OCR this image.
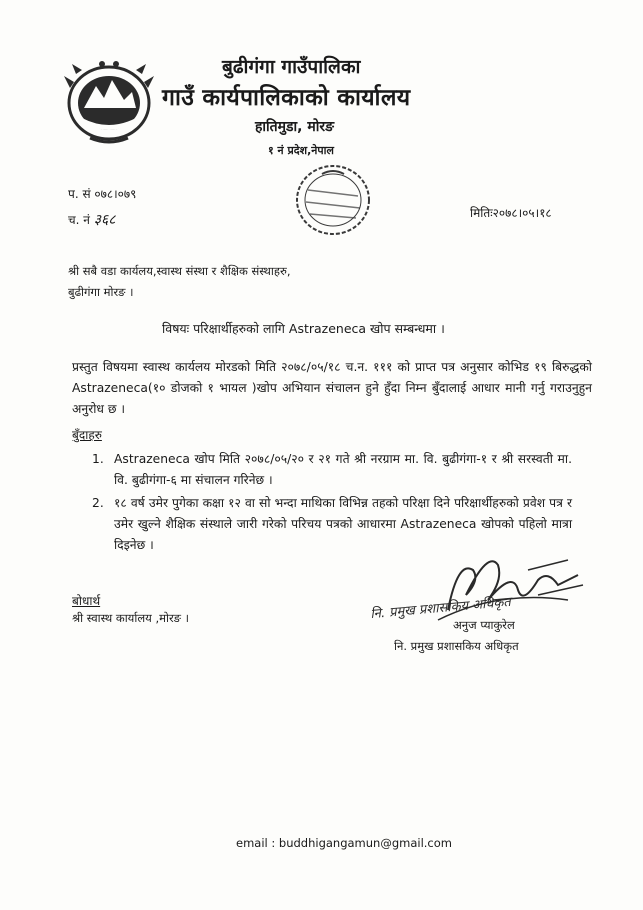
बुढीगंगा गाउँपालिका
गाउँ कार्यपालिकाको कार्यालय
हातिमुडा, मोरङ
१ नं प्रदेश,नेपाल
प. सं ०७८।०७९
च. नं ३६८	मितिः२०७८।०५।१८
श्री सबै वडा कार्यलय,स्वास्थ संस्था र शैक्षिक संस्थाहरु,
बुढीगंगा मोरङ ।
विषयः परिक्षार्थीहरुको लागि Astrazeneca खोप सम्बन्धमा ।
प्रस्तुत विषयमा स्वास्थ कार्यलय मोरडको मिति २०७८/०५/१८ च.न. १११ को प्राप्त पत्र अनुसार कोभिड १९ बिरुद्धको Astrazeneca(१० डोजको १ भायल )खोप अभियान संचालन हुने हुँदा निम्न बुँदालाई आधार मानी गर्नु गराउनुहुन अनुरोध छ ।
बुँदाहरु
1. Astrazeneca खोप मिति २०७८/०५/२० र २१ गते श्री नरग्राम मा. वि. बुढीगंगा-१ र श्री सरस्वती मा. वि. बुढीगंगा-६ मा संचालन गरिनेछ ।
2. १८ वर्ष उमेर पुगेका कक्षा १२ वा सो भन्दा माथिका विभिन्न तहको परिक्षा दिने परिक्षार्थीहरुको प्रवेश पत्र र उमेर खुल्ने शैक्षिक संस्थाले जारी गरेको परिचय पत्रको आधारमा Astrazeneca खोपको पहिलो मात्रा दिइनेछ ।
नि. प्रमुख प्रशासकिय अधिकृत
बोधार्थ
श्री स्वास्थ कार्यालय ,मोरङ ।	अनुज प्याकुरेल
नि. प्रमुख प्रशासकिय अधिकृत
email : buddhigangamun@gmail.com
